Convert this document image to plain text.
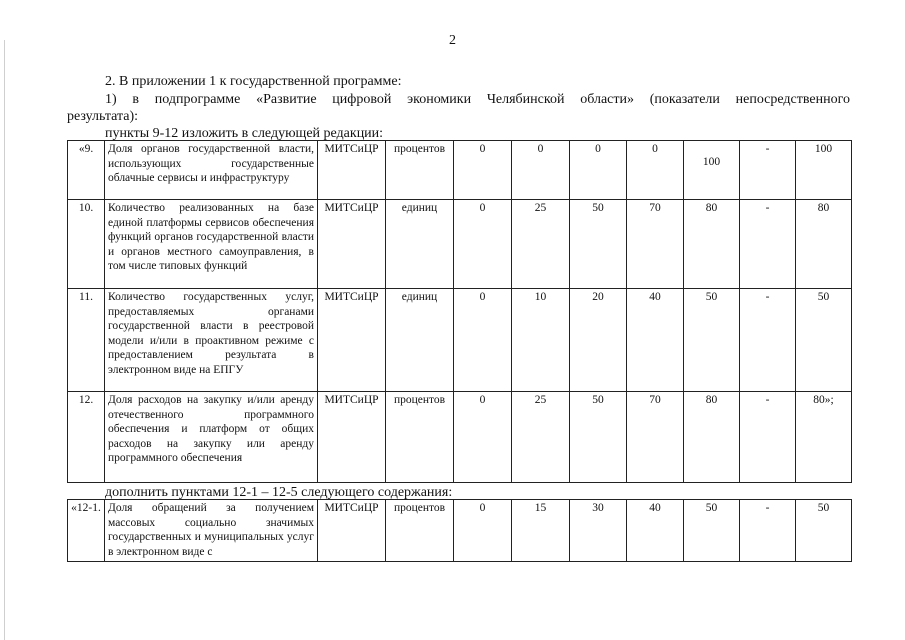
2
2. В приложении 1 к государственной программе:
1) в подпрограмме «Развитие цифровой экономики Челябинской области» (показатели непосредственного
результата):
пункты 9-12 изложить в следующей редакции:
«9.	Доля органов государственной власти, использующих государственные облачные сервисы и инфраструктуру	МИТСиЦР	процентов	0	0	0	0	100	-	100
10.	Количество реализованных на базе единой платформы сервисов обеспечения функций органов государственной власти и органов местного самоуправления, в том числе типовых функций	МИТСиЦР	единиц	0	25	50	70	80	-	80
11.	Количество государственных услуг, предоставляемых органами государственной власти в реестровой модели и/или в проактивном режиме с предоставлением результата в электронном виде на ЕПГУ	МИТСиЦР	единиц	0	10	20	40	50	-	50
12.	Доля расходов на закупку и/или аренду отечественного программного обеспечения и платформ от общих расходов на закупку или аренду программного обеспечения	МИТСиЦР	процентов	0	25	50	70	80	-	80»;
дополнить пунктами 12-1 – 12-5 следующего содержания:
«12-1.	Доля обращений за получением массовых социально значимых государственных и муниципальных услуг в электронном виде с	МИТСиЦР	процентов	0	15	30	40	50	-	50
